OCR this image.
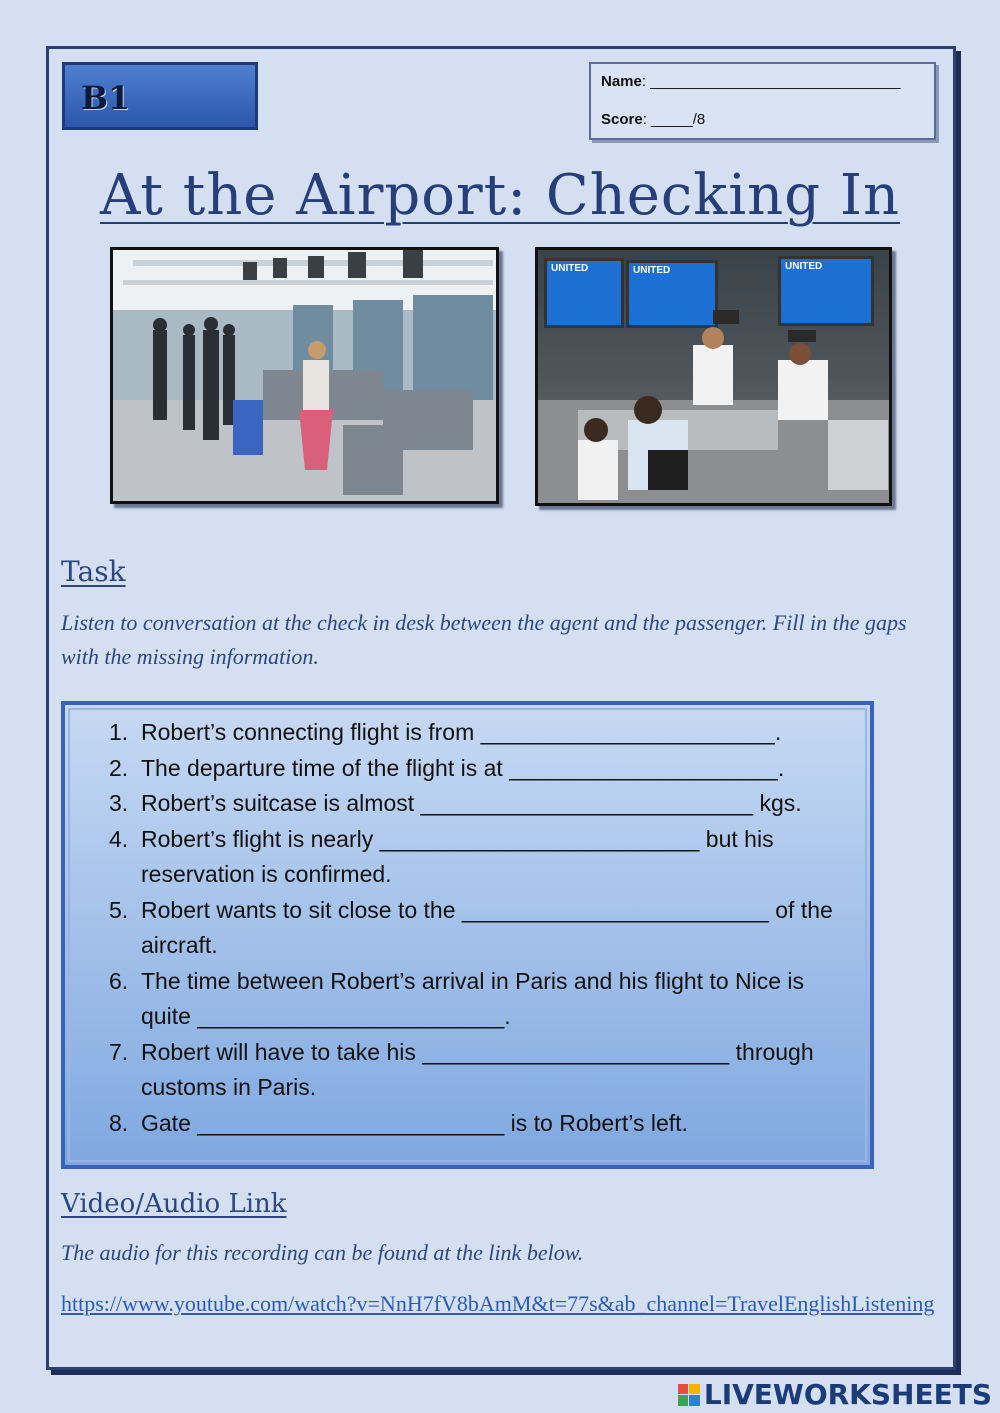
B1	Name: ______________________________
Score: _____/8
At the Airport: Checking In
UNITED	UNITED	UNITED
Task
Listen to conversation at the check in desk between the agent and the passenger. Fill in the gaps with the missing information.
1. Robert’s connecting flight is from _______________________.
2. The departure time of the flight is at _____________________.
3. Robert’s suitcase is almost __________________________ kgs.
4. Robert’s flight is nearly _________________________ but his reservation is confirmed.
5. Robert wants to sit close to the ________________________ of the aircraft.
6. The time between Robert’s arrival in Paris and his flight to Nice is quite ________________________.
7. Robert will have to take his ________________________ through customs in Paris.
8. Gate ________________________ is to Robert’s left.
Video/Audio Link
The audio for this recording can be found at the link below.
https://www.youtube.com/watch?v=NnH7fV8bAmM&t=77s&ab_channel=TravelEnglishListening
LIVEWORKSHEETS
